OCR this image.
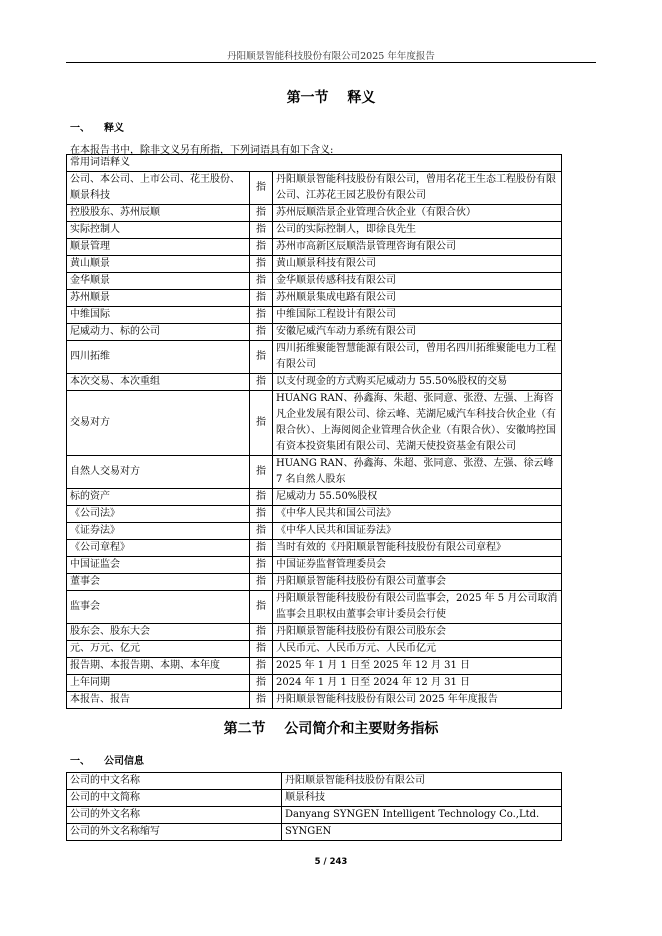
丹阳顺景智能科技股份有限公司2025 年年度报告
第一节　 释义
一、 释义
在本报告书中，除非文义另有所指，下列词语具有如下含义:
常用词语释义		
公司、本公司、上市公司、花王股份、顺景科技	指	丹阳顺景智能科技股份有限公司，曾用名花王生态工程股份有限公司、江苏花王园艺股份有限公司
控股股东、苏州辰顺	指	苏州辰顺浩景企业管理合伙企业（有限合伙）
实际控制人	指	公司的实际控制人，即徐良先生
顺景管理	指	苏州市高新区辰顺浩景管理咨询有限公司
黄山顺景	指	黄山顺景科技有限公司
金华顺景	指	金华顺景传感科技有限公司
苏州顺景	指	苏州顺景集成电路有限公司
中维国际	指	中维国际工程设计有限公司
尼威动力、标的公司	指	安徽尼威汽车动力系统有限公司
四川拓维	指	四川拓维聚能智慧能源有限公司，曾用名四川拓维聚能电力工程有限公司
本次交易、本次重组	指	以支付现金的方式购买尼威动力 55.50%股权的交易
交易对方	指	HUANG RAN、孙鑫海、朱超、张同意、张澄、左强、上海咨凡企业发展有限公司、徐云峰、芜湖尼威汽车科技合伙企业（有限合伙）、上海阅阅企业管理合伙企业（有限合伙）、安徽鸠控国有资本投资集团有限公司、芜湖天使投资基金有限公司
自然人交易对方	指	HUANG RAN、孙鑫海、朱超、张同意、张澄、左强、徐云峰 7 名自然人股东
标的资产	指	尼威动力 55.50%股权
《公司法》	指	《中华人民共和国公司法》
《证券法》	指	《中华人民共和国证券法》
《公司章程》	指	当时有效的《丹阳顺景智能科技股份有限公司章程》
中国证监会	指	中国证券监督管理委员会
董事会	指	丹阳顺景智能科技股份有限公司董事会
监事会	指	丹阳顺景智能科技股份有限公司监事会，2025 年 5 月公司取消监事会且职权由董事会审计委员会行使
股东会、股东大会	指	丹阳顺景智能科技股份有限公司股东会
元、万元、亿元	指	人民币元、人民币万元、人民币亿元
报告期、本报告期、本期、本年度	指	2025 年 1 月 1 日至 2025 年 12 月 31 日
上年同期	指	2024 年 1 月 1 日至 2024 年 12 月 31 日
本报告、报告	指	丹阳顺景智能科技股份有限公司 2025 年年度报告
第二节　 公司简介和主要财务指标
一、 公司信息
公司的中文名称	丹阳顺景智能科技股份有限公司
公司的中文简称	顺景科技
公司的外文名称	Danyang SYNGEN Intelligent Technology Co.,Ltd.
公司的外文名称缩写	SYNGEN
5 / 243
